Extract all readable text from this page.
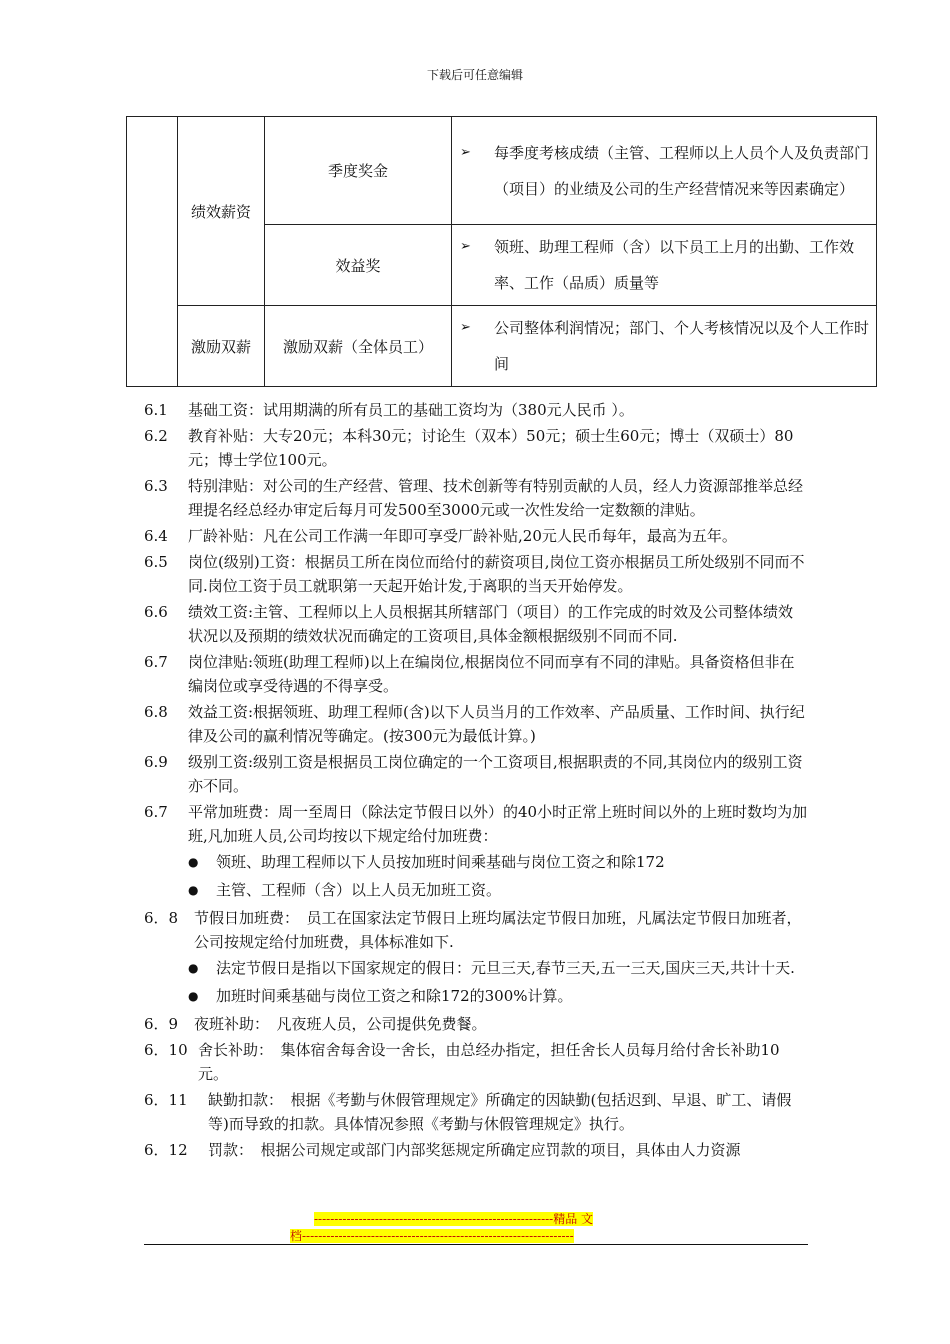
下载后可任意编辑
	绩效薪资	季度奖金	➢ 每季度考核成绩（主管、工程师以上人员个人及负责部门（项目）的业绩及公司的生产经营情况来等因素确定）

		效益奖	➢ 领班、助理工程师（含）以下员工上月的出勤、工作效率、工作（品质）质量等

	激励双薪	激励双薪（全体员工）	➢ 公司整体利润情况；部门、个人考核情况以及个人工作时间
6.1	基础工资：试用期满的所有员工的基础工资均为（380元人民币 ）。
6.2	教育补贴：大专20元；本科30元；讨论生（双本）50元；硕士生60元；博士（双硕士）80元；博士学位100元。
6.3	特别津贴：对公司的生产经营、管理、技术创新等有特别贡献的人员，经人力资源部推举总经理提名经总经办审定后每月可发500至3000元或一次性发给一定数额的津贴。
6.4	厂龄补贴：凡在公司工作满一年即可享受厂龄补贴,20元人民币每年，最高为五年。
6.5	岗位(级别)工资：根据员工所在岗位而给付的薪资项目,岗位工资亦根据员工所处级别不同而不同.岗位工资于员工就职第一天起开始计发,于离职的当天开始停发。
6.6	绩效工资:主管、工程师以上人员根据其所辖部门（项目）的工作完成的时效及公司整体绩效状况以及预期的绩效状况而确定的工资项目,具体金额根据级别不同而不同.
6.7	岗位津贴:领班(助理工程师)以上在编岗位,根据岗位不同而享有不同的津贴。具备资格但非在编岗位或享受待遇的不得享受。
6.8	效益工资:根据领班、助理工程师(含)以下人员当月的工作效率、产品质量、工作时间、执行纪律及公司的赢利情况等确定。(按300元为最低计算。)
6.9	级别工资:级别工资是根据员工岗位确定的一个工资项目,根据职责的不同,其岗位内的级别工资亦不同。
6.7	平常加班费：周一至周日（除法定节假日以外）的40小时正常上班时间以外的上班时数均为加班,凡加班人员,公司均按以下规定给付加班费：
●	领班、助理工程师以下人员按加班时间乘基础与岗位工资之和除172
●	主管、工程师（含）以上人员无加班工资。
6．8	节假日加班费：　员工在国家法定节假日上班均属法定节假日加班，凡属法定节假日加班者，公司按规定给付加班费，具体标准如下.
●	法定节假日是指以下国家规定的假日：元旦三天,春节三天,五一三天,国庆三天,共计十天.
●	加班时间乘基础与岗位工资之和除172的300%计算。
6．9	夜班补助：　凡夜班人员，公司提供免费餐。
6．10 舍长补助：　集体宿舍每舍设一舍长，由总经办指定，担任舍长人员每月给付舍长补助10元。
6．11	缺勤扣款：　根据《考勤与休假管理规定》所确定的因缺勤(包括迟到、早退、旷工、请假等)而导致的扣款。具体情况参照《考勤与休假管理规定》执行。
6．12	罚款：　根据公司规定或部门内部奖惩规定所确定应罚款的项目，具体由人力资源
-----------------------------------------------------------精品 文
档-------------------------------------------------------------------
